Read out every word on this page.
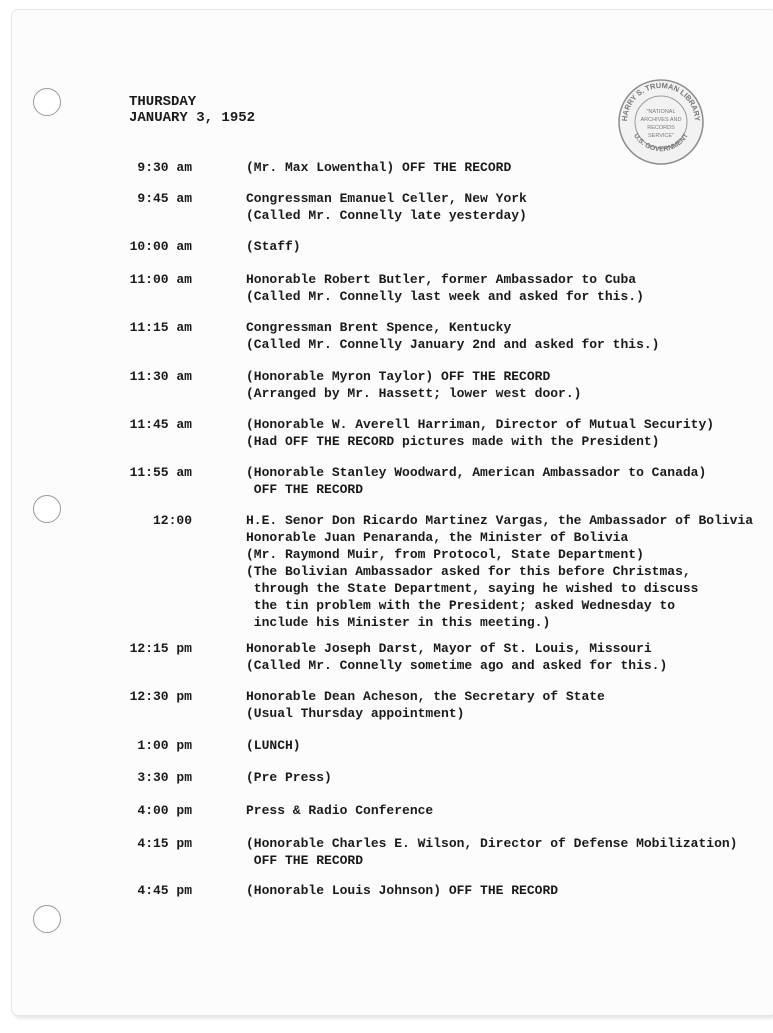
THURSDAY
JANUARY 3, 1952	HARRY S. TRUMAN LIBRARY
U.S. GOVERNMENT
"NATIONAL
ARCHIVES AND
RECORDS
SERVICE"
9:30 am	(Mr. Max Lowenthal) OFF THE RECORD
9:45 am	Congressman Emanuel Celler, New York
(Called Mr. Connelly late yesterday)
10:00 am	(Staff)
11:00 am	Honorable Robert Butler, former Ambassador to Cuba
(Called Mr. Connelly last week and asked for this.)
11:15 am	Congressman Brent Spence, Kentucky
(Called Mr. Connelly January 2nd and asked for this.)
11:30 am	(Honorable Myron Taylor) OFF THE RECORD
(Arranged by Mr. Hassett; lower west door.)
11:45 am	(Honorable W. Averell Harriman, Director of Mutual Security)
(Had OFF THE RECORD pictures made with the President)
11:55 am	(Honorable Stanley Woodward, American Ambassador to Canada)
OFF THE RECORD
12:00	H.E. Senor Don Ricardo Martinez Vargas, the Ambassador of Bolivia
Honorable Juan Penaranda, the Minister of Bolivia
(Mr. Raymond Muir, from Protocol, State Department)
(The Bolivian Ambassador asked for this before Christmas,
through the State Department, saying he wished to discuss
the tin problem with the President; asked Wednesday to
include his Minister in this meeting.)
12:15 pm	Honorable Joseph Darst, Mayor of St. Louis, Missouri
(Called Mr. Connelly sometime ago and asked for this.)
12:30 pm	Honorable Dean Acheson, the Secretary of State
(Usual Thursday appointment)
1:00 pm	(LUNCH)
3:30 pm	(Pre Press)
4:00 pm	Press & Radio Conference
4:15 pm	(Honorable Charles E. Wilson, Director of Defense Mobilization)
OFF THE RECORD
4:45 pm	(Honorable Louis Johnson) OFF THE RECORD
